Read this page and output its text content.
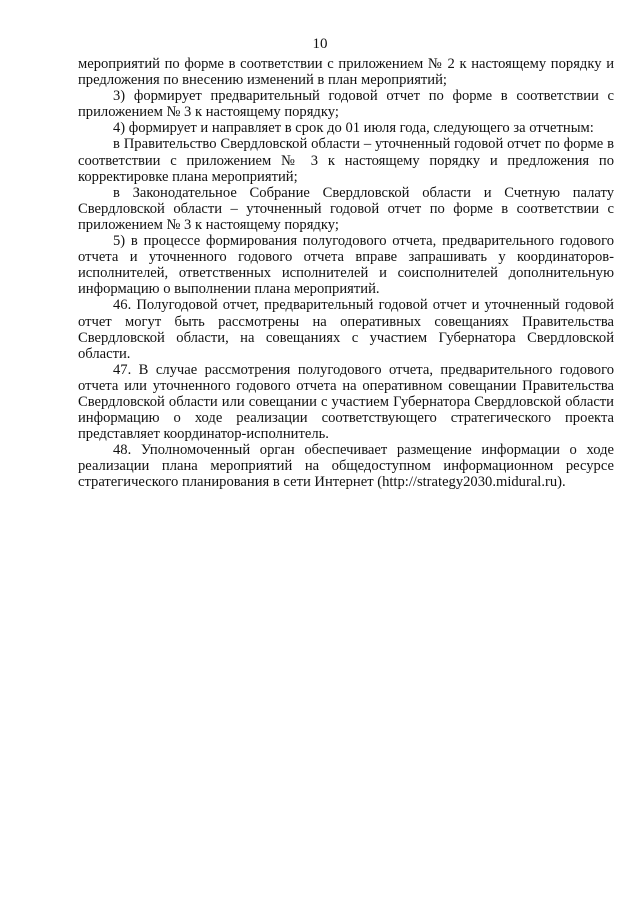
10

мероприятий по форме в соответствии с приложением № 2 к настоящему порядку и предложения по внесению изменений в план мероприятий;

3) формирует предварительный годовой отчет по форме в соответствии с приложением № 3 к настоящему порядку;

4) формирует и направляет в срок до 01 июля года, следующего за отчетным:

в Правительство Свердловской области – уточненный годовой отчет по форме в соответствии с приложением № 3 к настоящему порядку и предложения по корректировке плана мероприятий;

в Законодательное Собрание Свердловской области и Счетную палату Свердловской области – уточненный годовой отчет по форме в соответствии с приложением № 3 к настоящему порядку;

5) в процессе формирования полугодового отчета, предварительного годового отчета и уточненного годового отчета вправе запрашивать у координаторов-исполнителей, ответственных исполнителей и соисполнителей дополнительную информацию о выполнении плана мероприятий.

46. Полугодовой отчет, предварительный годовой отчет и уточненный годовой отчет могут быть рассмотрены на оперативных совещаниях Правительства Свердловской области, на совещаниях с участием Губернатора Свердловской области.

47. В случае рассмотрения полугодового отчета, предварительного годового отчета или уточненного годового отчета на оперативном совещании Правительства Свердловской области или совещании с участием Губернатора Свердловской области информацию о ходе реализации соответствующего стратегического проекта представляет координатор-исполнитель.

48. Уполномоченный орган обеспечивает размещение информации о ходе реализации плана мероприятий на общедоступном информационном ресурсе стратегического планирования в сети Интернет (http://strategy2030.midural.ru).
